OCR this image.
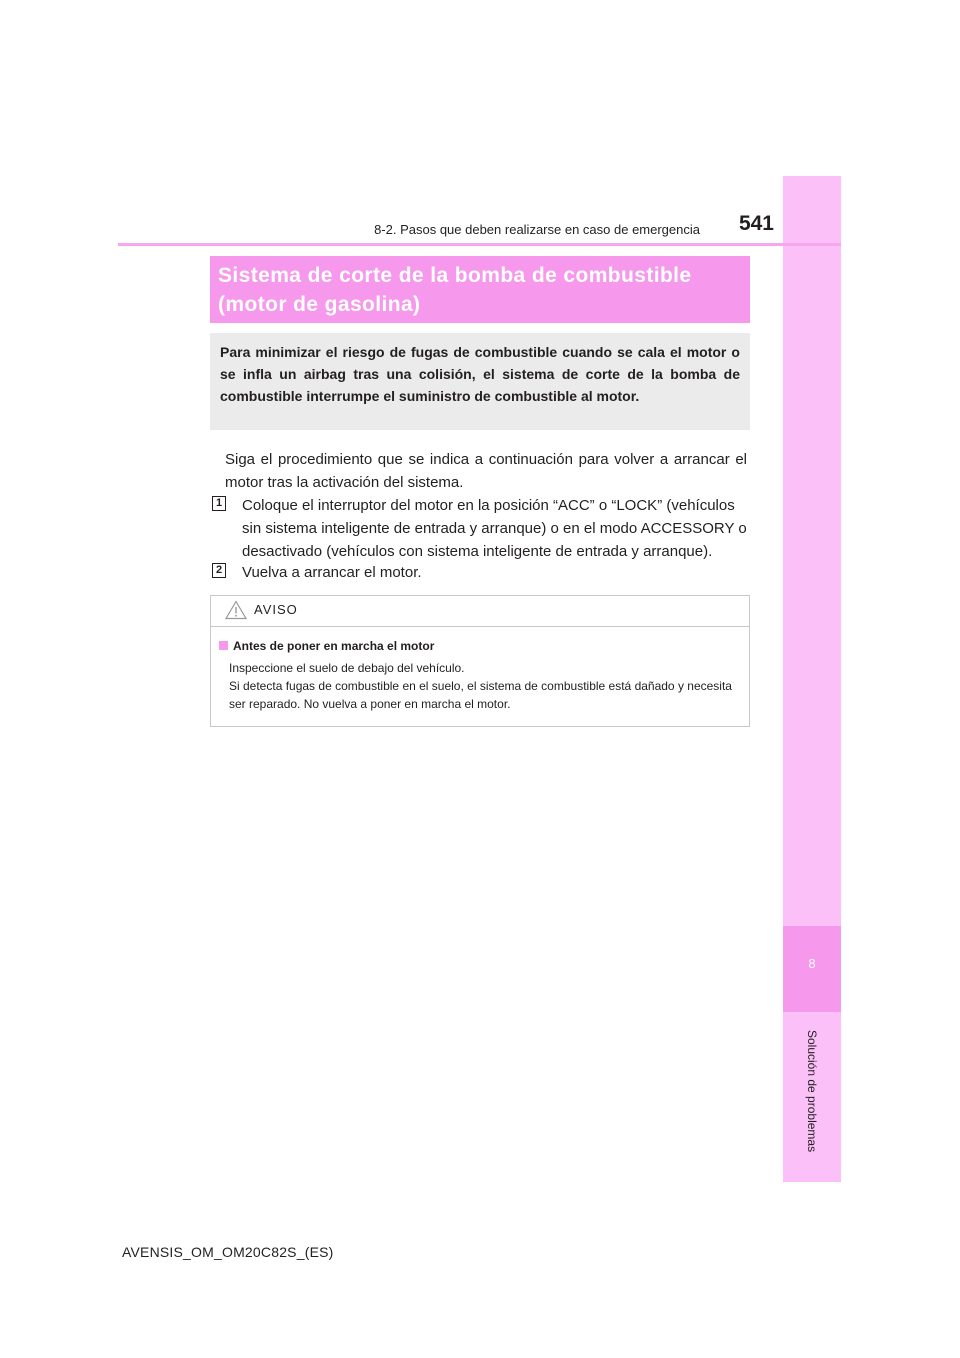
8
Solución de problemas
8-2. Pasos que deben realizarse en caso de emergencia	541
Sistema de corte de la bomba de combustible
(motor de gasolina)
Para minimizar el riesgo de fugas de combustible cuando se cala el motor o se infla un airbag tras una colisión, el sistema de corte de la bomba de combustible interrumpe el suministro de combustible al motor.
Siga el procedimiento que se indica a continuación para volver a arrancar el motor tras la activación del sistema.
1 Coloque el interruptor del motor en la posición “ACC” o “LOCK” (vehículos sin sistema inteligente de entrada y arranque) o en el modo ACCESSORY o desactivado (vehículos con sistema inteligente de entrada y arranque).
2 Vuelva a arrancar el motor.
AVISO
Antes de poner en marcha el motor
Inspeccione el suelo de debajo del vehículo.
Si detecta fugas de combustible en el suelo, el sistema de combustible está dañado y necesita ser reparado. No vuelva a poner en marcha el motor.
AVENSIS_OM_OM20C82S_(ES)
